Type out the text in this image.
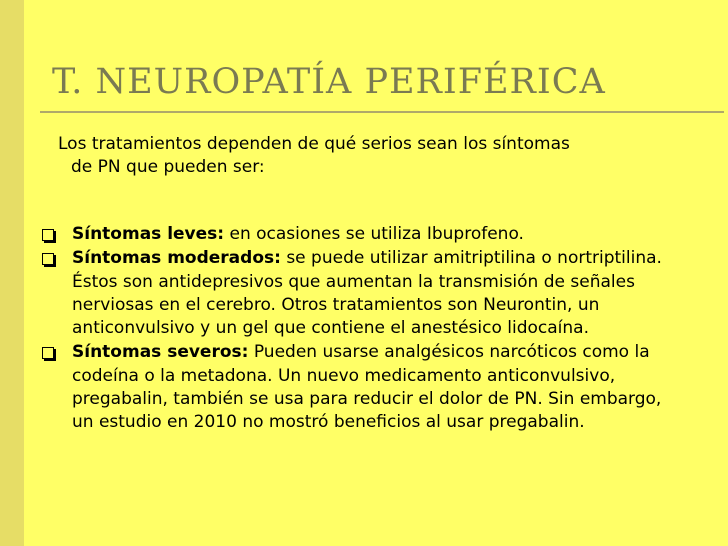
T. NEUROPATÍA PERIFÉRICA

Los tratamientos dependen de qué serios sean los síntomas
de PN que pueden ser:

Síntomas leves: en ocasiones se utiliza Ibuprofeno.
Síntomas moderados: se puede utilizar amitriptilina o nortriptilina. Éstos son antidepresivos que aumentan la transmisión de señales nerviosas en el cerebro. Otros tratamientos son Neurontin, un anticonvulsivo y un gel que contiene el anestésico lidocaína.
Síntomas severos: Pueden usarse analgésicos narcóticos como la codeína o la metadona. Un nuevo medicamento anticonvulsivo, pregabalin, también se usa para reducir el dolor de PN. Sin embargo, un estudio en 2010 no mostró beneficios al usar pregabalin.
